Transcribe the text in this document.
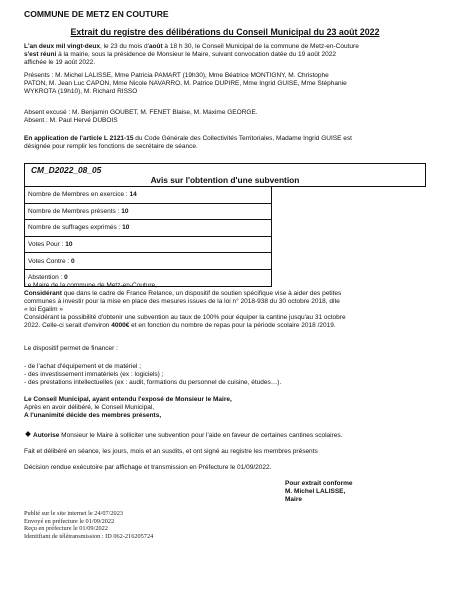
COMMUNE DE METZ EN COUTURE
Extrait du registre des délibérations du Conseil Municipal du 23 août 2022
L'an deux mil vingt-deux, le 23 du mois d'août à 18 h 30, le Conseil Municipal de la commune de Metz-en-Couture
s'est réuni à la mairie, sous la présidence de Monsieur le Maire, suivant convocation datée du 19 août 2022
affichée le 19 août 2022.
Présents : M. Michel LALISSE, Mme Patricia PAMART (19h30), Mme Béatrice MONTIGNY, M. Christophe
PATON, M. Jean Luc CAPON, Mme Nicole NAVARRO, M. Patrice DUPIRE, Mme Ingrid GUISE, Mme Stéphanie
WYKROTA (19h10), M. Richard RISSO
Absent excusé : M. Benjamin GOUBET, M. FENET Blaise, M. Maxime GEORGE.
Absent : M. Paul Hervé DUBOIS
En application de l'article L 2121-15 du Code Générale des Collectivités Territoriales, Madame Ingrid GUISE est
désignée pour remplir les fonctions de secrétaire de séance.
CM_D2022_08_05
Avis sur l'obtention d'une subvention
Nombre de Membres en exercice : 14
Nombre de Membres présents : 10
Nombre de suffrages exprimés : 10
Votes Pour : 10
Votes Contre : 0
Abstention : 0
Le Maire de la commune de Metz-en-Couture,
Considérant que dans le cadre de France Relance, un dispositif de soutien spécifique vise à aider des petites
communes à investir pour la mise en place des mesures issues de la loi n° 2018-938 du 30 octobre 2018, dite
« loi Egalim »
Considérant la possibilité d'obtenir une subvention au taux de 100% pour équiper la cantine jusqu'au 31 octobre
2022. Celle-ci serait d'environ 4000€ et en fonction du nombre de repas pour la période scolaire 2018 /2019.
Le dispositif permet de financer :
- de l'achat d'équipement et de matériel ;
- des investissement immatériels (ex : logiciels) ;
- des prestations intellectuelles (ex : audit, formations du personnel de cuisine, études…).
Le Conseil Municipal, ayant entendu l'exposé de Monsieur le Maire,
Après en avoir délibéré, le Conseil Municipal,
A l'unanimité décide des membres présents,
Autorise Monsieur le Maire à solliciter une subvention pour l'aide en faveur de certaines cantines scolaires.
Fait et délibéré en séance, les jours, mois et an susdits, et ont signé au registre les membres présents
Décision rendue exécutoire par affichage et transmission en Préfecture le 01/09/2022.
Pour extrait conforme
M. Michel LALISSE,
Maire
Publié sur le site internet le 24/07/2023
Envoyé en préfecture le 01/09/2022
Reçu en préfecture le 01/09/2022
Identifiant de télétransmission : ID 062-216205724
